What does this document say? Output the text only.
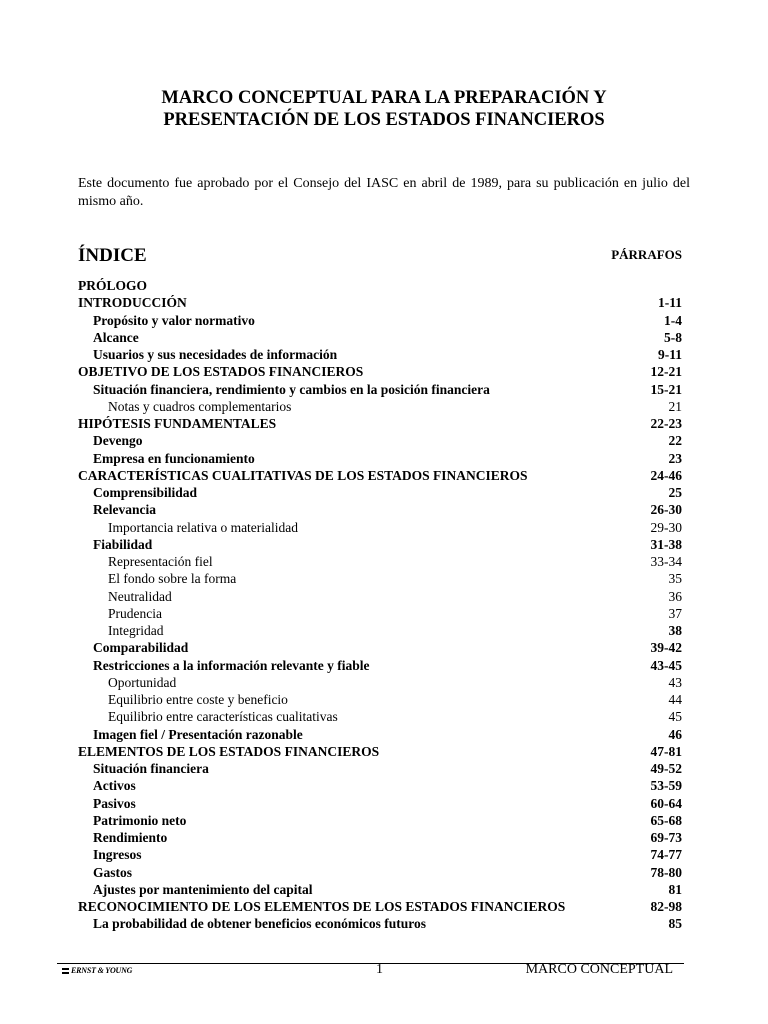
MARCO CONCEPTUAL PARA LA PREPARACIÓN Y
PRESENTACIÓN DE LOS ESTADOS FINANCIEROS

Este documento fue aprobado por el Consejo del IASC en abril de 1989, para su publicación en julio del mismo año.

ÍNDICE	PÁRRAFOS
PRÓLOGO
INTRODUCCIÓN	1-11
Propósito y valor normativo	1-4
Alcance	5-8
Usuarios y sus necesidades de información	9-11
OBJETIVO DE LOS ESTADOS FINANCIEROS	12-21
Situación financiera, rendimiento y cambios en la posición financiera	15-21
Notas y cuadros complementarios	21
HIPÓTESIS FUNDAMENTALES	22-23
Devengo	22
Empresa en funcionamiento	23
CARACTERÍSTICAS CUALITATIVAS DE LOS ESTADOS FINANCIEROS	24-46
Comprensibilidad	25
Relevancia	26-30
Importancia relativa o materialidad	29-30
Fiabilidad	31-38
Representación fiel	33-34
El fondo sobre la forma	35
Neutralidad	36
Prudencia	37
Integridad	38
Comparabilidad	39-42
Restricciones a la información relevante y fiable	43-45
Oportunidad	43
Equilibrio entre coste y beneficio	44
Equilibrio entre características cualitativas	45
Imagen fiel / Presentación razonable	46
ELEMENTOS DE LOS ESTADOS FINANCIEROS	47-81
Situación financiera	49-52
Activos	53-59
Pasivos	60-64
Patrimonio neto	65-68
Rendimiento	69-73
Ingresos	74-77
Gastos	78-80
Ajustes por mantenimiento del capital	81
RECONOCIMIENTO DE LOS ELEMENTOS DE LOS ESTADOS FINANCIEROS	82-98
La probabilidad de obtener beneficios económicos futuros	85
ERNST & YOUNG	1	MARCO CONCEPTUAL
